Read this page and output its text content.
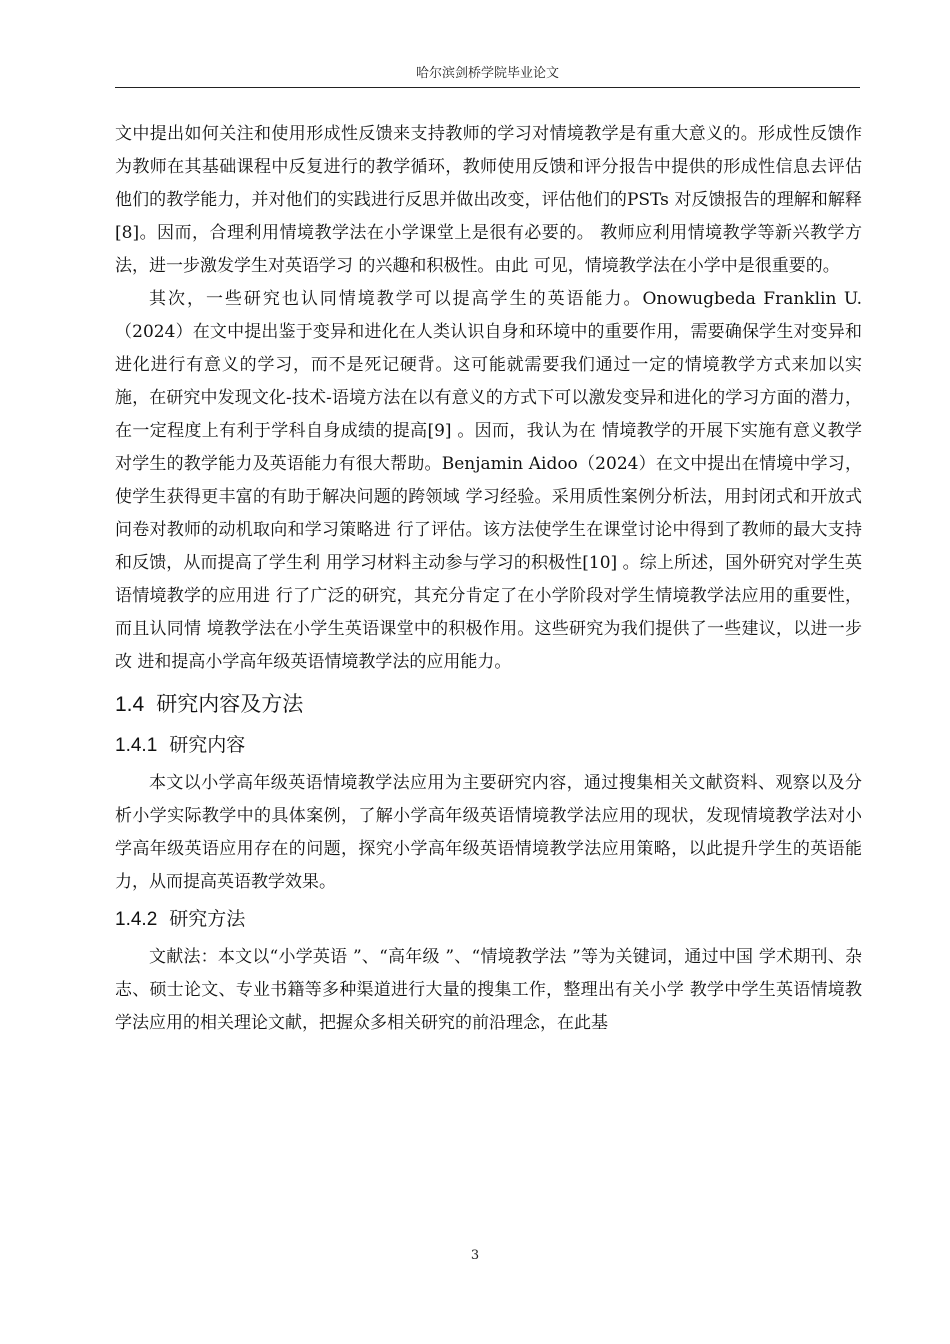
哈尔滨剑桥学院毕业论文

文中提出如何关注和使用形成性反馈来支持教师的学习对情境教学是有重大意义的。形成性反馈作为教师在其基础课程中反复进行的教学循环，教师使用反馈和评分报告中提供的形成性信息去评估他们的教学能力，并对他们的实践进行反思并做出改变，评估他们的PSTs 对反馈报告的理解和解释[8]。因而，合理利用情境教学法在小学课堂上是很有必要的。 教师应利用情境教学等新兴教学方法，进一步激发学生对英语学习 的兴趣和积极性。由此 可见，情境教学法在小学中是很重要的。

其次，一些研究也认同情境教学可以提高学生的英语能力。Onowugbeda Franklin U.（2024）在文中提出鉴于变异和进化在人类认识自身和环境中的重要作用，需要确保学生对变异和进化进行有意义的学习，而不是死记硬背。这可能就需要我们通过一定的情境教学方式来加以实施，在研究中发现文化-技术-语境方法在以有意义的方式下可以激发变异和进化的学习方面的潜力，在一定程度上有利于学科自身成绩的提高[9] 。因而，我认为在 情境教学的开展下实施有意义教学对学生的教学能力及英语能力有很大帮助。Benjamin Aidoo（2024）在文中提出在情境中学习，使学生获得更丰富的有助于解决问题的跨领域 学习经验。采用质性案例分析法，用封闭式和开放式问卷对教师的动机取向和学习策略进 行了评估。该方法使学生在课堂讨论中得到了教师的最大支持和反馈，从而提高了学生利 用学习材料主动参与学习的积极性[10] 。综上所述，国外研究对学生英语情境教学的应用进 行了广泛的研究，其充分肯定了在小学阶段对学生情境教学法应用的重要性，而且认同情 境教学法在小学生英语课堂中的积极作用。这些研究为我们提供了一些建议，以进一步改 进和提高小学高年级英语情境教学法的应用能力。

1.4 研究内容及方法
1.4.1 研究内容

本文以小学高年级英语情境教学法应用为主要研究内容，通过搜集相关文献资料、观察以及分析小学实际教学中的具体案例，了解小学高年级英语情境教学法应用的现状，发现情境教学法对小学高年级英语应用存在的问题，探究小学高年级英语情境教学法应用策略，以此提升学生的英语能力，从而提高英语教学效果。

1.4.2 研究方法

文献法：本文以“小学英语 ”、“高年级 ”、“情境教学法 ”等为关键词，通过中国 学术期刊、杂志、硕士论文、专业书籍等多种渠道进行大量的搜集工作，整理出有关小学 教学中学生英语情境教学法应用的相关理论文献，把握众多相关研究的前沿理念，在此基

3
